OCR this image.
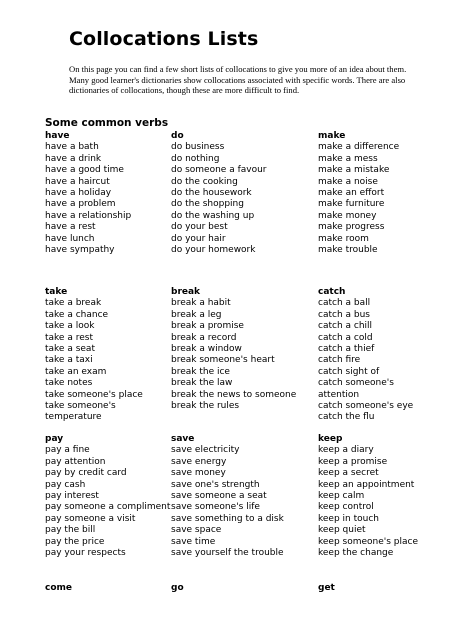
Collocations Lists

On this page you can find a few short lists of collocations to give you more of an idea about them. Many good learner's dictionaries show collocations associated with specific words. There are also dictionaries of collocations, though these are more difficult to find.

Some common verbs
have
have a bath
have a drink
have a good time
have a haircut
have a holiday
have a problem
have a relationship
have a rest
have lunch
have sympathy
do
do business
do nothing
do someone a favour
do the cooking
do the housework
do the shopping
do the washing up
do your best
do your hair
do your homework
make
make a difference
make a mess
make a mistake
make a noise
make an effort
make furniture
make money
make progress
make room
make trouble
take
take a break
take a chance
take a look
take a rest
take a seat
take a taxi
take an exam
take notes
take someone's place
take someone's
temperature
break
break a habit
break a leg
break a promise
break a record
break a window
break someone's heart
break the ice
break the law
break the news to someone
break the rules
catch
catch a ball
catch a bus
catch a chill
catch a cold
catch a thief
catch fire
catch sight of
catch someone's
attention
catch someone's eye
catch the flu
pay
pay a fine
pay attention
pay by credit card
pay cash
pay interest
pay someone a compliment
pay someone a visit
pay the bill
pay the price
pay your respects
save
save electricity
save energy
save money
save one's strength
save someone a seat
save someone's life
save something to a disk
save space
save time
save yourself the trouble
keep
keep a diary
keep a promise
keep a secret
keep an appointment
keep calm
keep control
keep in touch
keep quiet
keep someone's place
keep the change
come	go	get
